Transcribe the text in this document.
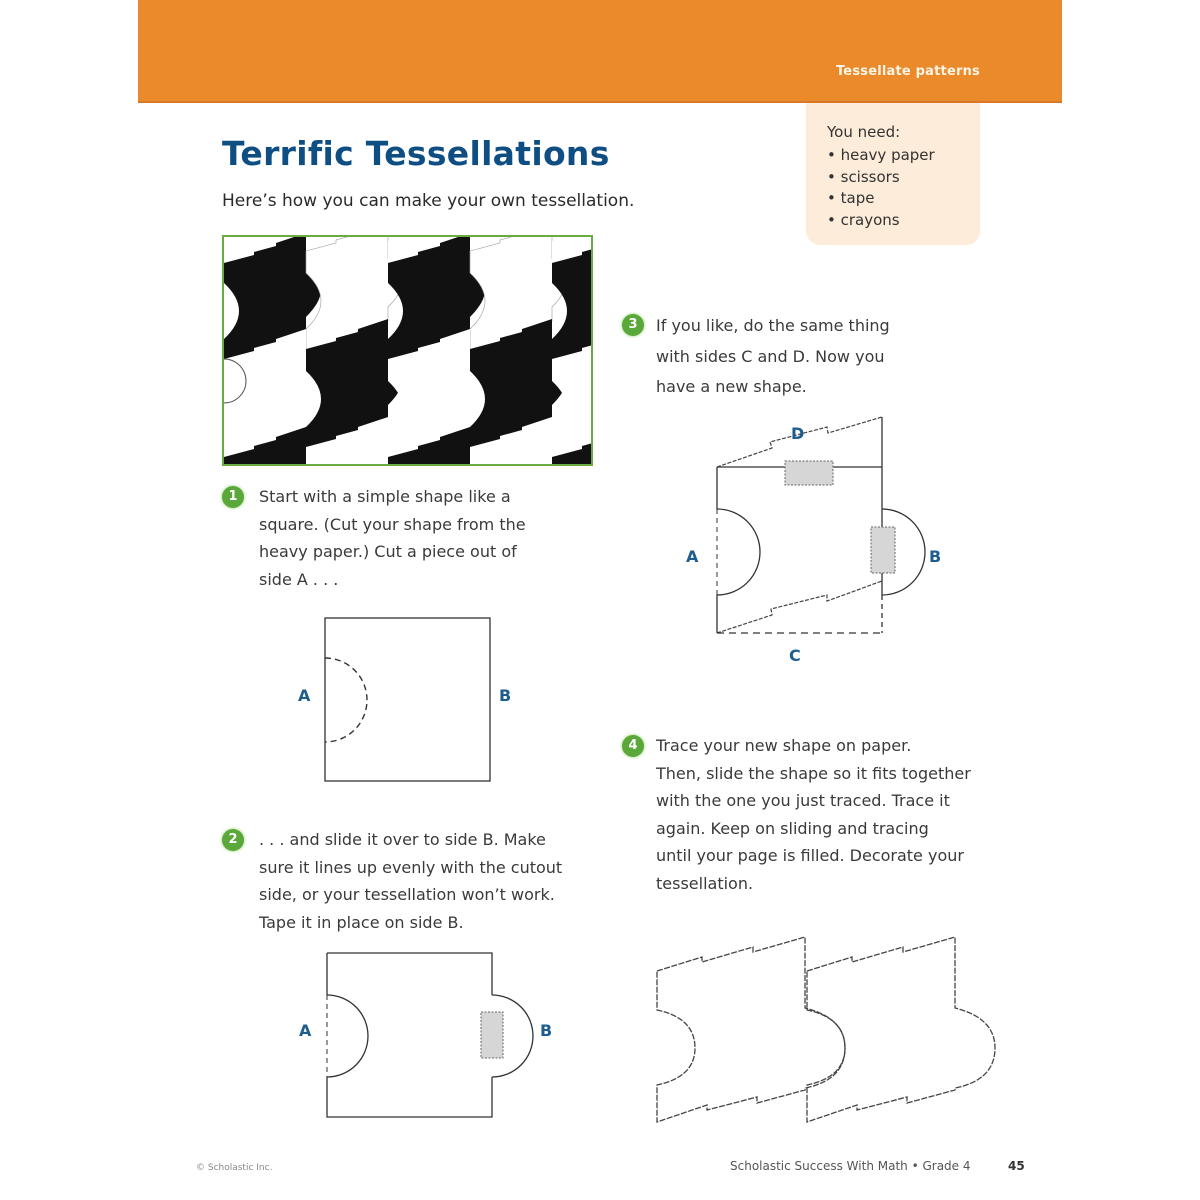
Tessellate patterns
You need:
• heavy paper
• scissors
• tape
• crayons
Terrific Tessellations
Here’s how you can make your own tessellation.
1	Start with a simple shape like a
square. (Cut your shape from the
heavy paper.) Cut a piece out of
side A . . .
A	B
2	. . . and slide it over to side B. Make
sure it lines up evenly with the cutout
side, or your tessellation won’t work.
Tape it in place on side B.
A	B
3	If you like, do the same thing
with sides C and D. Now you
have a new shape.
D
A	B
C
4	Trace your new shape on paper.
Then, slide the shape so it fits together
with the one you just traced. Trace it
again. Keep on sliding and tracing
until your page is filled. Decorate your
tessellation.
© Scholastic Inc.	Scholastic Success With Math • Grade 4	45
